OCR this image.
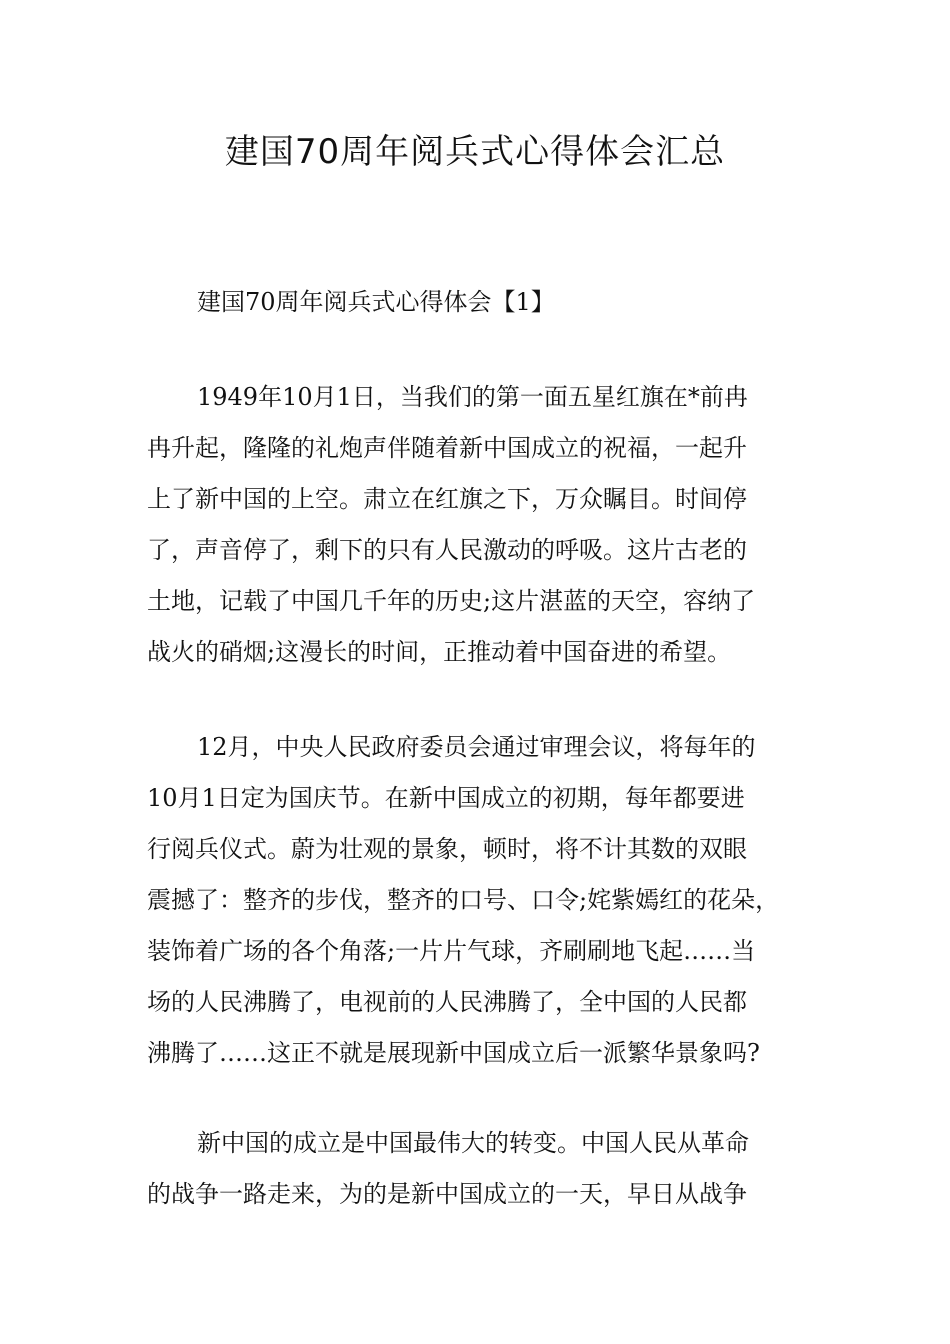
建国70周年阅兵式心得体会汇总
建国70周年阅兵式心得体会【1】
1949年10月1日，当我们的第一面五星红旗在*前冉
冉升起，隆隆的礼炮声伴随着新中国成立的祝福，一起升
上了新中国的上空。肃立在红旗之下，万众瞩目。时间停
了，声音停了，剩下的只有人民激动的呼吸。这片古老的
土地，记载了中国几千年的历史;这片湛蓝的天空，容纳了
战火的硝烟;这漫长的时间，正推动着中国奋进的希望。
12月，中央人民政府委员会通过审理会议，将每年的
10月1日定为国庆节。在新中国成立的初期，每年都要进
行阅兵仪式。蔚为壮观的景象，顿时，将不计其数的双眼
震撼了：整齐的步伐，整齐的口号、口令;姹紫嫣红的花朵，
装饰着广场的各个角落;一片片气球，齐刷刷地飞起……当
场的人民沸腾了，电视前的人民沸腾了，全中国的人民都
沸腾了……这正不就是展现新中国成立后一派繁华景象吗?
新中国的成立是中国最伟大的转变。中国人民从革命
的战争一路走来，为的是新中国成立的一天，早日从战争
